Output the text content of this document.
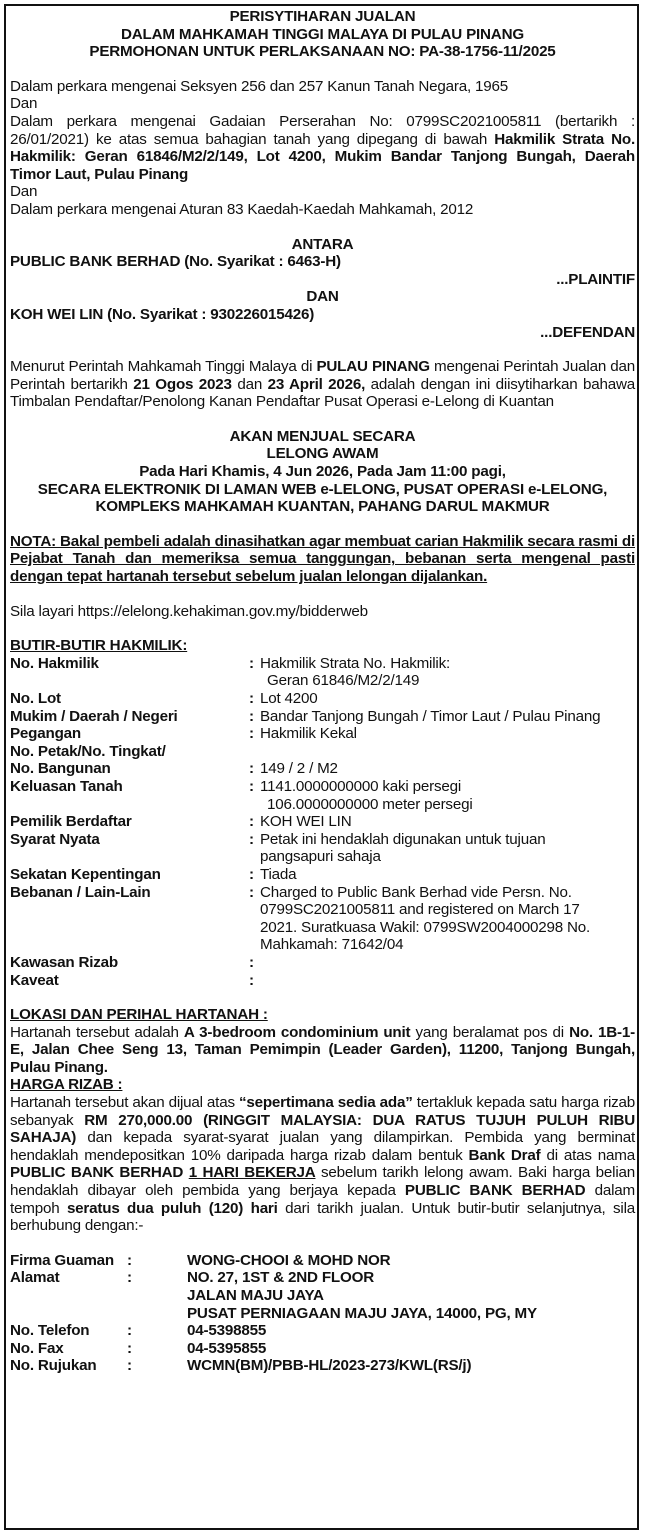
PERISYTIHARAN JUALAN
DALAM MAHKAMAH TINGGI MALAYA DI PULAU PINANG
PERMOHONAN UNTUK PERLAKSANAAN NO: PA-38-1756-11/2025
Dalam perkara mengenai Seksyen 256 dan 257 Kanun Tanah Negara, 1965
Dan

Dalam perkara mengenai Gadaian Perserahan No: 0799SC2021005811 (bertarikh : 26/01/2021) ke atas semua bahagian tanah yang dipegang di bawah Hakmilik Strata No. Hakmilik: Geran 61846/M2/2/149, Lot 4200, Mukim Bandar Tanjong Bungah, Daerah Timor Laut, Pulau Pinang

Dan
Dalam perkara mengenai Aturan 83 Kaedah-Kaedah Mahkamah, 2012
ANTARA
PUBLIC BANK BERHAD (No. Syarikat : 6463-H)
...PLAINTIF
DAN
KOH WEI LIN (No. Syarikat : 930226015426)
...DEFENDAN

Menurut Perintah Mahkamah Tinggi Malaya di PULAU PINANG mengenai Perintah Jualan dan Perintah bertarikh 21 Ogos 2023 dan 23 April 2026, adalah dengan ini diisytiharkan bahawa Timbalan Pendaftar/Penolong Kanan Pendaftar Pusat Operasi e-Lelong di Kuantan

AKAN MENJUAL SECARA
LELONG AWAM
Pada Hari Khamis, 4 Jun 2026, Pada Jam 11:00 pagi,
SECARA ELEKTRONIK DI LAMAN WEB e-LELONG, PUSAT OPERASI e-LELONG,
KOMPLEKS MAHKAMAH KUANTAN, PAHANG DARUL MAKMUR

NOTA: Bakal pembeli adalah dinasihatkan agar membuat carian Hakmilik secara rasmi di Pejabat Tanah dan memeriksa semua tanggungan, bebanan serta mengenal pasti dengan tepat hartanah tersebut sebelum jualan lelongan dijalankan.

Sila layari https://elelong.kehakiman.gov.my/bidderweb
BUTIR-BUTIR HAKMILIK:
No. Hakmilik	: Hakmilik Strata No. Hakmilik:
Geran 61846/M2/2/149
No. Lot	: Lot 4200
Mukim / Daerah / Negeri	: Bandar Tanjong Bungah / Timor Laut / Pulau Pinang
Pegangan	: Hakmilik Kekal
No. Petak/No. Tingkat/
No. Bangunan	: 149 / 2 / M2
Keluasan Tanah	: 1141.0000000000 kaki persegi
106.0000000000 meter persegi
Pemilik Berdaftar	: KOH WEI LIN
Syarat Nyata	: Petak ini hendaklah digunakan untuk tujuan
pangsapuri sahaja
Sekatan Kepentingan	: Tiada
Bebanan / Lain-Lain	: Charged to Public Bank Berhad vide Persn. No.
0799SC2021005811 and registered on March 17
2021. Suratkuasa Wakil: 0799SW2004000298 No.
Mahkamah: 71642/04
Kawasan Rizab	:
Kaveat	:
LOKASI DAN PERIHAL HARTANAH :

Hartanah tersebut adalah A 3-bedroom condominium unit yang beralamat pos di No. 1B-1-E, Jalan Chee Seng 13, Taman Pemimpin (Leader Garden), 11200, Tanjong Bungah, Pulau Pinang.

HARGA RIZAB :

Hartanah tersebut akan dijual atas “sepertimana sedia ada” tertakluk kepada satu harga rizab sebanyak RM 270,000.00 (RINGGIT MALAYSIA: DUA RATUS TUJUH PULUH RIBU SAHAJA) dan kepada syarat-syarat jualan yang dilampirkan. Pembida yang berminat hendaklah mendepositkan 10% daripada harga rizab dalam bentuk Bank Draf di atas nama PUBLIC BANK BERHAD 1 HARI BEKERJA sebelum tarikh lelong awam. Baki harga belian hendaklah dibayar oleh pembida yang berjaya kepada PUBLIC BANK BERHAD dalam tempoh seratus dua puluh (120) hari dari tarikh jualan. Untuk butir-butir selanjutnya, sila berhubung dengan:-

Firma Guaman :	WONG-CHOOI & MOHD NOR
Alamat	:	NO. 27, 1ST & 2ND FLOOR
JALAN MAJU JAYA
PUSAT PERNIAGAAN MAJU JAYA, 14000, PG, MY
No. Telefon	:	04-5398855
No. Fax	:	04-5395855
No. Rujukan	:	WCMN(BM)/PBB-HL/2023-273/KWL(RS/j)
